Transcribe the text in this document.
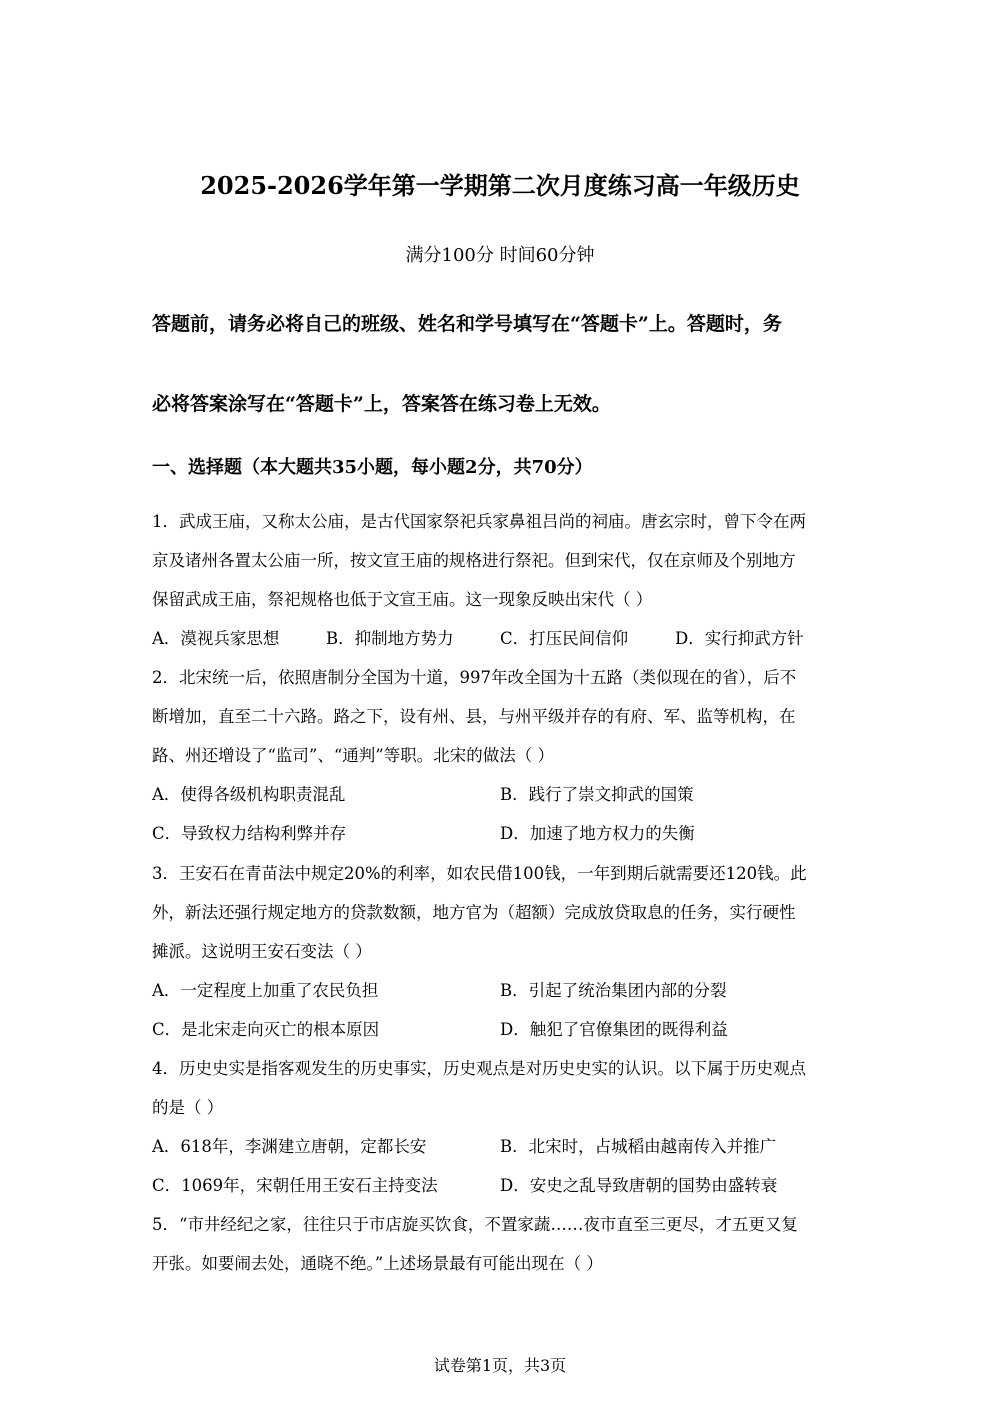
2025-2026学年第一学期第二次月度练习高一年级历史
满分100分 时间60分钟
答题前，请务必将自己的班级、姓名和学号填写在“答题卡”上。答题时，务
必将答案涂写在“答题卡”上，答案答在练习卷上无效。
一、选择题（本大题共35小题，每小题2分，共70分）
1．武成王庙，又称太公庙，是古代国家祭祀兵家鼻祖吕尚的祠庙。唐玄宗时，曾下令在两
京及诸州各置太公庙一所，按文宣王庙的规格进行祭祀。但到宋代，仅在京师及个别地方
保留武成王庙，祭祀规格也低于文宣王庙。这一现象反映出宋代（ ）
A．漠视兵家思想	B．抑制地方势力	C．打压民间信仰	D．实行抑武方针
2．北宋统一后，依照唐制分全国为十道，997年改全国为十五路（类似现在的省），后不
断增加，直至二十六路。路之下，设有州、县，与州平级并存的有府、军、监等机构，在
路、州还增设了“监司”、“通判”等职。北宋的做法（ ）
A．使得各级机构职责混乱	B．践行了崇文抑武的国策
C．导致权力结构利弊并存	D．加速了地方权力的失衡
3．王安石在青苗法中规定20%的利率，如农民借100钱，一年到期后就需要还120钱。此
外，新法还强行规定地方的贷款数额，地方官为（超额）完成放贷取息的任务，实行硬性
摊派。这说明王安石变法（ ）
A．一定程度上加重了农民负担	B．引起了统治集团内部的分裂
C．是北宋走向灭亡的根本原因	D．触犯了官僚集团的既得利益
4．历史史实是指客观发生的历史事实，历史观点是对历史史实的认识。以下属于历史观点
的是（ ）
A．618年，李渊建立唐朝，定都长安	B．北宋时，占城稻由越南传入并推广
C．1069年，宋朝任用王安石主持变法	D．安史之乱导致唐朝的国势由盛转衰
5．“市井经纪之家，往往只于市店旋买饮食，不置家蔬……夜市直至三更尽，才五更又复
开张。如要闹去处，通晓不绝。”上述场景最有可能出现在（ ）
试卷第1页，共3页
